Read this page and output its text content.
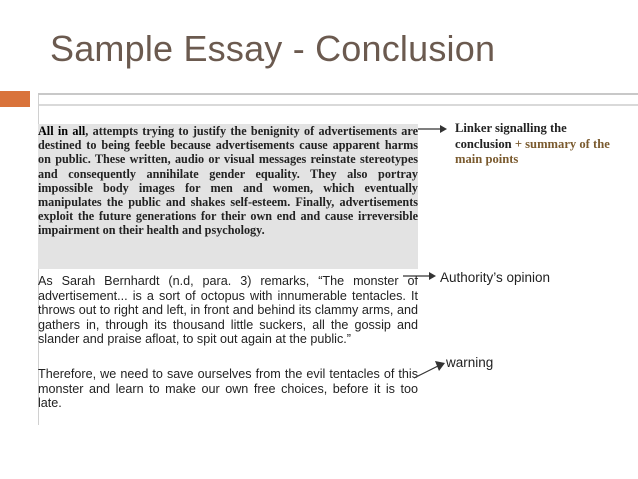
Sample Essay - Conclusion

All in all, attempts trying to justify the benignity of advertisements are destined to being feeble because advertisements cause apparent harms on public. These written, audio or visual messages reinstate stereotypes and consequently annihilate gender equality. They also portray impossible body images for men and women, which eventually manipulates the public and shakes self-esteem. Finally, advertisements exploit the future generations for their own end and cause irreversible impairment on their health and psychology.

As Sarah Bernhardt (n.d, para. 3) remarks, “The monster of advertisement... is a sort of octopus with innumerable tentacles. It throws out to right and left, in front and behind its clammy arms, and gathers in, through its thousand little suckers, all the gossip and slander and praise afloat, to spit out again at the public.”

Therefore, we need to save ourselves from the evil tentacles of this monster and learn to make our own free choices, before it is too late.

Linker signalling the conclusion + summary of the main points
Authority’s opinion
warning
